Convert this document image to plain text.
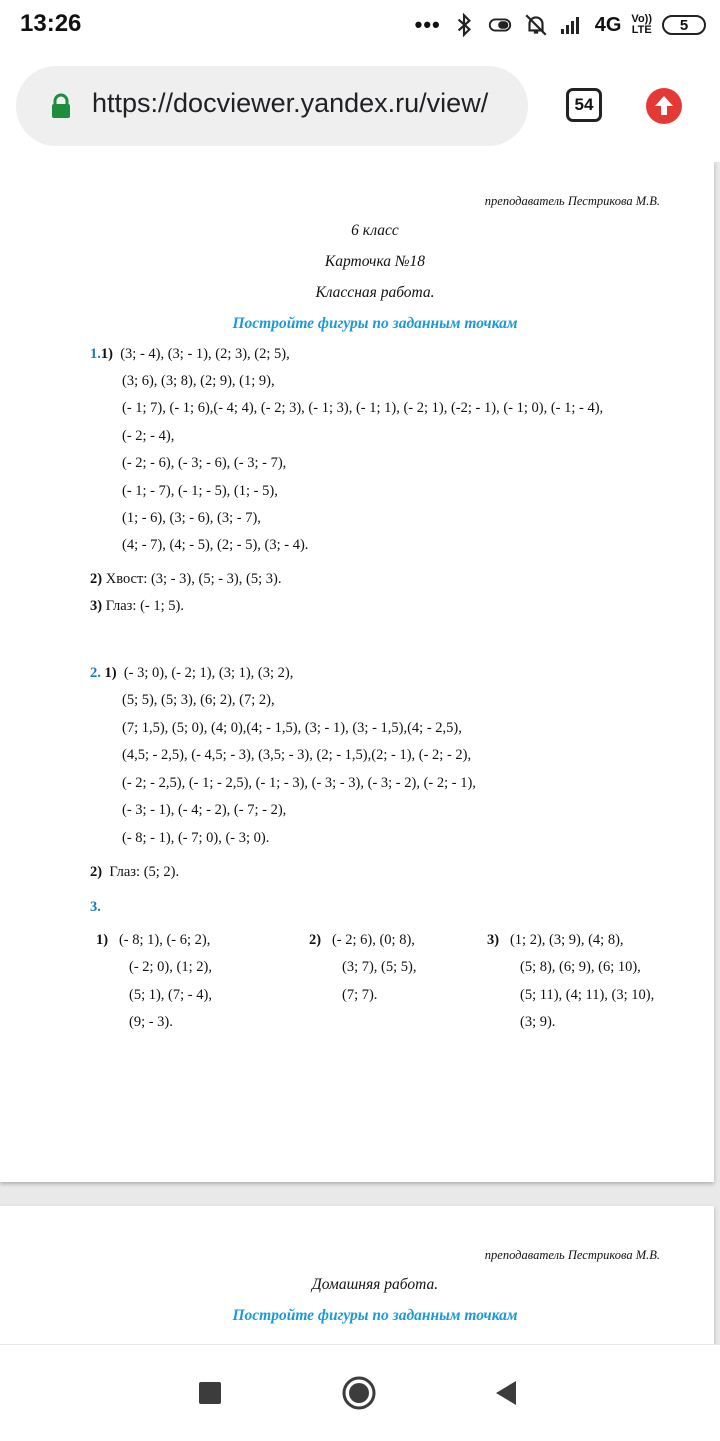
13:26	•••	4G Vo))
LTE 5
https://docviewer.yandex.ru/view/	54
преподаватель Пестрикова М.В.
6 класс
Карточка №18
Классная работа.
Постройте фигуры по заданным точкам
1.1) (3; - 4), (3; - 1), (2; 3), (2; 5),
(3; 6), (3; 8), (2; 9), (1; 9),
(- 1; 7), (- 1; 6),(- 4; 4), (- 2; 3), (- 1; 3), (- 1; 1), (- 2; 1), (-2; - 1), (- 1; 0), (- 1; - 4),
(- 2; - 4),
(- 2; - 6), (- 3; - 6), (- 3; - 7),
(- 1; - 7), (- 1; - 5), (1; - 5),
(1; - 6), (3; - 6), (3; - 7),
(4; - 7), (4; - 5), (2; - 5), (3; - 4).
2) Хвост: (3; - 3), (5; - 3), (5; 3).
3) Глаз: (- 1; 5).
2. 1) (- 3; 0), (- 2; 1), (3; 1), (3; 2),
(5; 5), (5; 3), (6; 2), (7; 2),
(7; 1,5), (5; 0), (4; 0),(4; - 1,5), (3; - 1), (3; - 1,5),(4; - 2,5),
(4,5; - 2,5), (- 4,5; - 3), (3,5; - 3), (2; - 1,5),(2; - 1), (- 2; - 2),
(- 2; - 2,5), (- 1; - 2,5), (- 1; - 3), (- 3; - 3), (- 3; - 2), (- 2; - 1),
(- 3; - 1), (- 4; - 2), (- 7; - 2),
(- 8; - 1), (- 7; 0), (- 3; 0).
2) Глаз: (5; 2).
3.
1) (- 8; 1), (- 6; 2),
(- 2; 0), (1; 2),
(5; 1), (7; - 4),
(9; - 3).
2) (- 2; 6), (0; 8),
(3; 7), (5; 5),
(7; 7).
3) (1; 2), (3; 9), (4; 8),
(5; 8), (6; 9), (6; 10),
(5; 11), (4; 11), (3; 10),
(3; 9).
преподаватель Пестрикова М.В.
Домашняя работа.
Постройте фигуры по заданным точкам
